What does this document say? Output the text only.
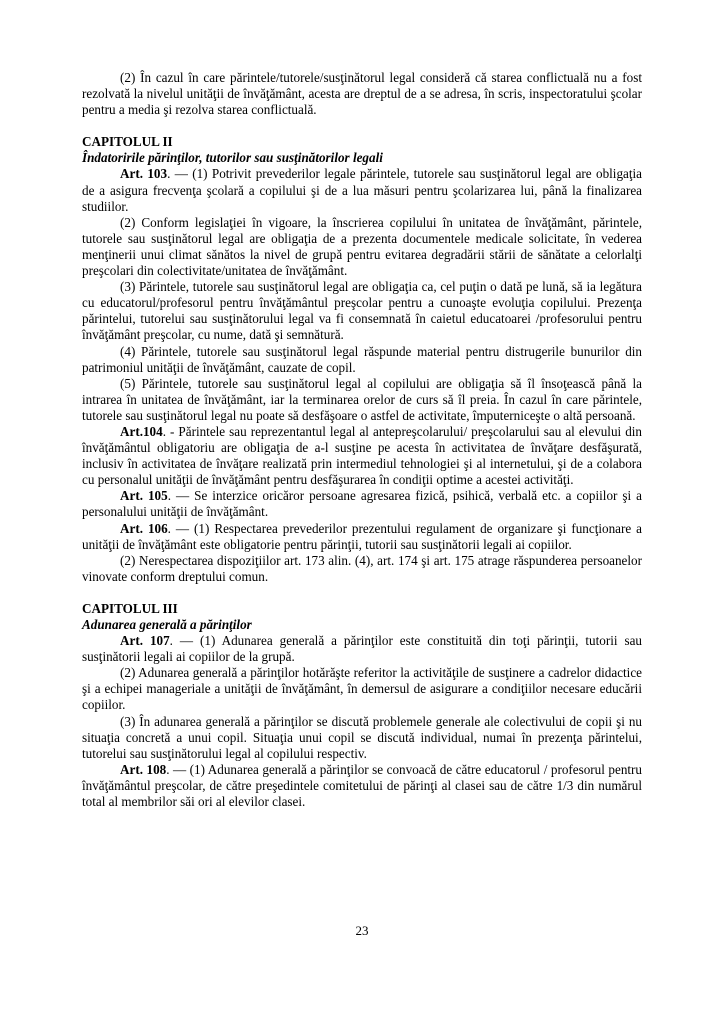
(2) În cazul în care părintele/tutorele/susţinătorul legal consideră că starea conflictuală nu a fost rezolvată la nivelul unităţii de învăţământ, acesta are dreptul de a se adresa, în scris, inspectoratului şcolar pentru a media şi rezolva starea conflictuală.

CAPITOLUL II

Îndatoririle părinţilor, tutorilor sau susţinătorilor legali

Art. 103. — (1) Potrivit prevederilor legale părintele, tutorele sau susţinătorul legal are obligaţia de a asigura frecvenţa şcolară a copilului şi de a lua măsuri pentru şcolarizarea lui, până la finalizarea studiilor.

(2) Conform legislaţiei în vigoare, la înscrierea copilului în unitatea de învăţământ, părintele, tutorele sau susţinătorul legal are obligaţia de a prezenta documentele medicale solicitate, în vederea menţinerii unui climat sănătos la nivel de grupă pentru evitarea degradării stării de sănătate a celorlalţi preşcolari din colectivitate/unitatea de învăţământ.

(3) Părintele, tutorele sau susţinătorul legal are obligaţia ca, cel puţin o dată pe lună, să ia legătura cu educatorul/profesorul pentru învăţământul preşcolar pentru a cunoaşte evoluţia copilului. Prezenţa părintelui, tutorelui sau susţinătorului legal va fi consemnată în caietul educatoarei /profesorului pentru învăţământ preşcolar, cu nume, dată şi semnătură.

(4) Părintele, tutorele sau susţinătorul legal răspunde material pentru distrugerile bunurilor din patrimoniul unităţii de învăţământ, cauzate de copil.

(5) Părintele, tutorele sau susţinătorul legal al copilului are obligaţia să îl însoţească până la intrarea în unitatea de învăţământ, iar la terminarea orelor de curs să îl preia. În cazul în care părintele, tutorele sau susţinătorul legal nu poate să desfăşoare o astfel de activitate, împuterniceşte o altă persoană.

Art.104. - Părintele sau reprezentantul legal al antepreşcolarului/ preşcolarului sau al elevului din învăţământul obligatoriu are obligaţia de a-l susţine pe acesta în activitatea de învăţare desfăşurată, inclusiv în activitatea de învăţare realizată prin intermediul tehnologiei şi al internetului, şi de a colabora cu personalul unităţii de învăţământ pentru desfăşurarea în condiţii optime a acestei activităţi.

Art. 105. — Se interzice oricăror persoane agresarea fizică, psihică, verbală etc. a copiilor şi a personalului unităţii de învăţământ.

Art. 106. — (1) Respectarea prevederilor prezentului regulament de organizare şi funcţionare a unităţii de învăţământ este obligatorie pentru părinţii, tutorii sau susţinătorii legali ai copiilor.

(2) Nerespectarea dispoziţiilor art. 173 alin. (4), art. 174 şi art. 175 atrage răspunderea persoanelor vinovate conform dreptului comun.

CAPITOLUL III

Adunarea generală a părinţilor

Art. 107. — (1) Adunarea generală a părinţilor este constituită din toţi părinţii, tutorii sau susţinătorii legali ai copiilor de la grupă.

(2) Adunarea generală a părinţilor hotărăşte referitor la activităţile de susţinere a cadrelor didactice şi a echipei manageriale a unităţii de învăţământ, în demersul de asigurare a condiţiilor necesare educării copiilor.

(3) În adunarea generală a părinţilor se discută problemele generale ale colectivului de copii şi nu situaţia concretă a unui copil. Situaţia unui copil se discută individual, numai în prezenţa părintelui, tutorelui sau susţinătorului legal al copilului respectiv.

Art. 108. — (1) Adunarea generală a părinţilor se convoacă de către educatorul / profesorul pentru învăţământul preşcolar, de către preşedintele comitetului de părinţi al clasei sau de către 1/3 din numărul total al membrilor săi ori al elevilor clasei.

23
